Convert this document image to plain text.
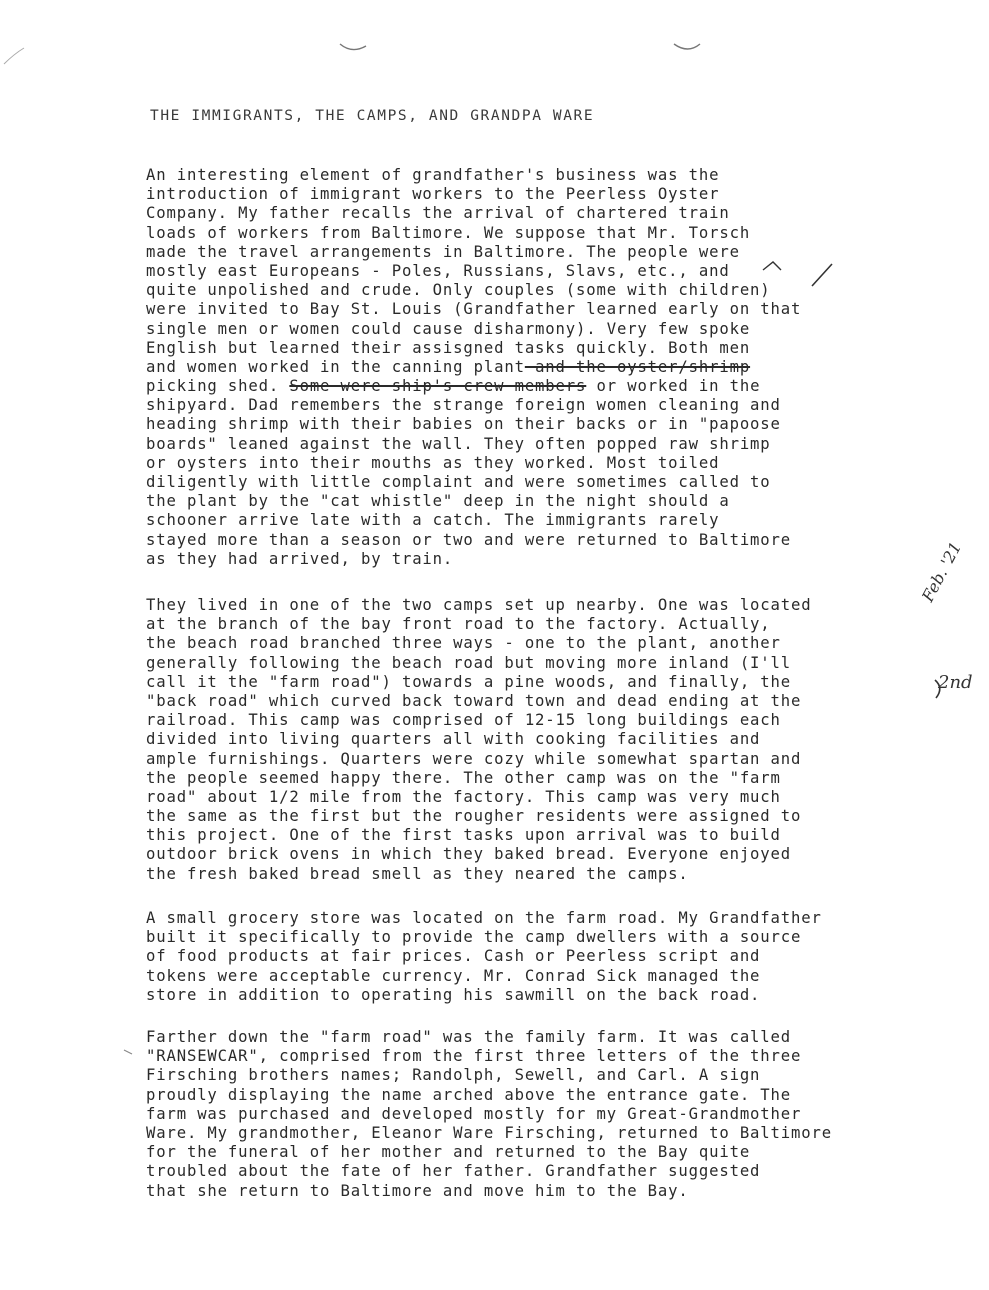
THE IMMIGRANTS, THE CAMPS, AND GRANDPA WARE
An interesting element of grandfather's business was the
introduction of immigrant workers to the Peerless Oyster
Company. My father recalls the arrival of chartered train
loads of workers from Baltimore. We suppose that Mr. Torsch
made the travel arrangements in Baltimore. The people were
mostly east Europeans - Poles, Russians, Slavs, etc., and
quite unpolished and crude. Only couples (some with children)
were invited to Bay St. Louis (Grandfather learned early on that
single men or women could cause disharmony). Very few spoke
English but learned their assisgned tasks quickly. Both men
and women worked in the canning plant and the oyster/shrimp
picking shed. Some were ship's crew members or worked in the
shipyard. Dad remembers the strange foreign women cleaning and
heading shrimp with their babies on their backs or in "papoose
boards" leaned against the wall. They often popped raw shrimp
or oysters into their mouths as they worked. Most toiled
diligently with little complaint and were sometimes called to
the plant by the "cat whistle" deep in the night should a
schooner arrive late with a catch. The immigrants rarely
stayed more than a season or two and were returned to Baltimore
as they had arrived, by train.
They lived in one of the two camps set up nearby. One was located
at the branch of the bay front road to the factory. Actually,
the beach road branched three ways - one to the plant, another
generally following the beach road but moving more inland (I'll
call it the "farm road") towards a pine woods, and finally, the
"back road" which curved back toward town and dead ending at the
railroad. This camp was comprised of 12-15 long buildings each
divided into living quarters all with cooking facilities and
ample furnishings. Quarters were cozy while somewhat spartan and
the people seemed happy there. The other camp was on the "farm
road" about 1/2 mile from the factory. This camp was very much
the same as the first but the rougher residents were assigned to
this project. One of the first tasks upon arrival was to build
outdoor brick ovens in which they baked bread. Everyone enjoyed
the fresh baked bread smell as they neared the camps.
A small grocery store was located on the farm road. My Grandfather
built it specifically to provide the camp dwellers with a source
of food products at fair prices. Cash or Peerless script and
tokens were acceptable currency. Mr. Conrad Sick managed the
store in addition to operating his sawmill on the back road.
Farther down the "farm road" was the family farm. It was called
"RANSEWCAR", comprised from the first three letters of the three
Firsching brothers names; Randolph, Sewell, and Carl. A sign
proudly displaying the name arched above the entrance gate. The
farm was purchased and developed mostly for my Great-Grandmother
Ware. My grandmother, Eleanor Ware Firsching, returned to Baltimore
for the funeral of her mother and returned to the Bay quite
troubled about the fate of her father. Grandfather suggested
that she return to Baltimore and move him to the Bay.
Feb. '21
2nd
